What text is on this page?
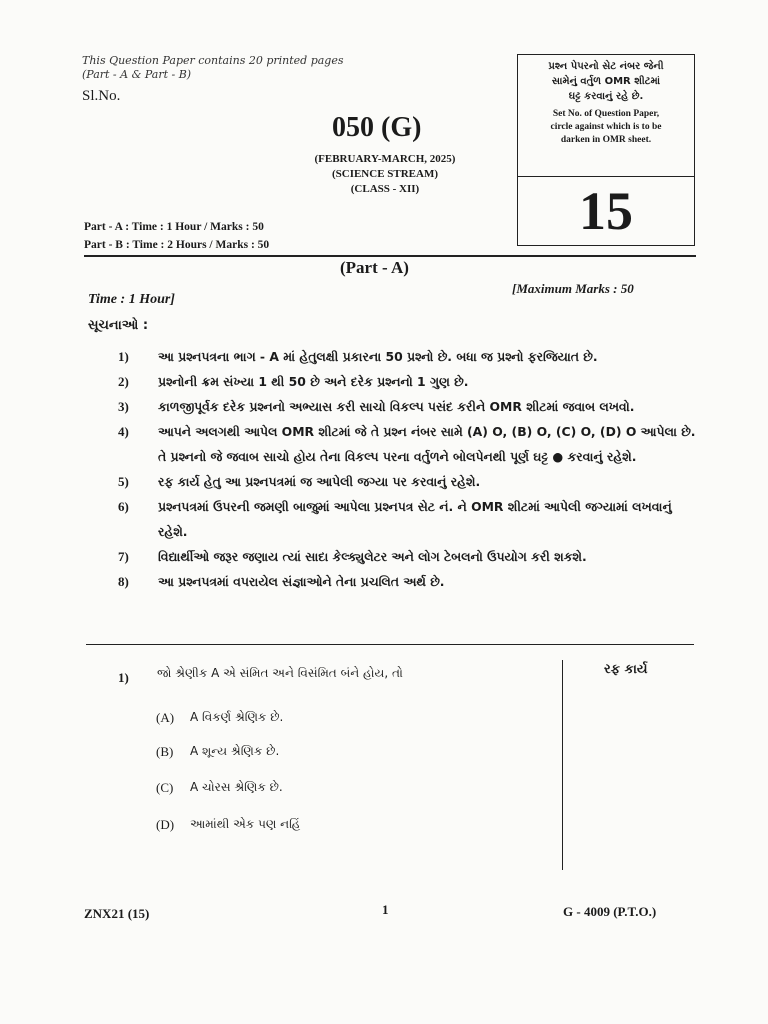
This Question Paper contains 20 printed pages
(Part - A & Part - B)
Sl.No.
050 (G)
(FEBRUARY-MARCH, 2025)
(SCIENCE STREAM)
(CLASS - XII)
પ્રશ્ન પેપરનો સેટ નંબર જેની
સામેનું વર્તુળ OMR શીટમાં
ઘટ્ટ કરવાનું રહે છે.
Set No. of Question Paper,
circle against which is to be
darken in OMR sheet.
15
Part - A : Time : 1 Hour / Marks : 50
Part - B : Time : 2 Hours / Marks : 50
(Part - A)
Time : 1 Hour]
[Maximum Marks : 50
સૂચનાઓ :
1)	આ પ્રશ્નપત્રના ભાગ - A માં હેતુલક્ષી પ્રકારના 50 પ્રશ્નો છે. બધા જ પ્રશ્નો ફરજિયાત છે.
2)	પ્રશ્નોની ક્રમ સંખ્યા 1 થી 50 છે અને દરેક પ્રશ્નનો 1 ગુણ છે.
3)	કાળજીપૂર્વક દરેક પ્રશ્નનો અભ્યાસ કરી સાચો વિકલ્પ પસંદ કરીને OMR શીટમાં જવાબ લખવો.
4)	આપને અલગથી આપેલ OMR શીટમાં જે તે પ્રશ્ન નંબર સામે (A) O, (B) O, (C) O, (D) O આપેલા છે. તે પ્રશ્નનો જે જવાબ સાચો હોય તેના વિકલ્પ પરના વર્તુળને બોલપેનથી પૂર્ણ ઘટ્ટ ● કરવાનું રહેશે.
5)	રફ કાર્ય હેતુ આ પ્રશ્નપત્રમાં જ આપેલી જગ્યા પર કરવાનું રહેશે.
6)	પ્રશ્નપત્રમાં ઉપરની જમણી બાજુમાં આપેલા પ્રશ્નપત્ર સેટ નં. ને OMR શીટમાં આપેલી જગ્યામાં લખવાનું રહેશે.
7)	વિદ્યાર્થીઓ જરૂર જણાય ત્યાં સાદા કેલ્ક્યુલેટર અને લોગ ટેબલનો ઉપયોગ કરી શકશે.
8)	આ પ્રશ્નપત્રમાં વપરાયેલ સંજ્ઞાઓને તેના પ્રચલિત અર્થ છે.
રફ કાર્ય
1) જો શ્રેણીક A એ સંમિત અને વિસંમિત બંને હોય, તો
(A)	A વિકર્ણ શ્રેણિક છે.
(B)	A શૂન્ય શ્રેણિક છે.
(C)	A ચોરસ શ્રેણિક છે.
(D)	આમાંથી એક પણ નહિં
ZNX21 (15)	1	G - 4009 (P.T.O.)
